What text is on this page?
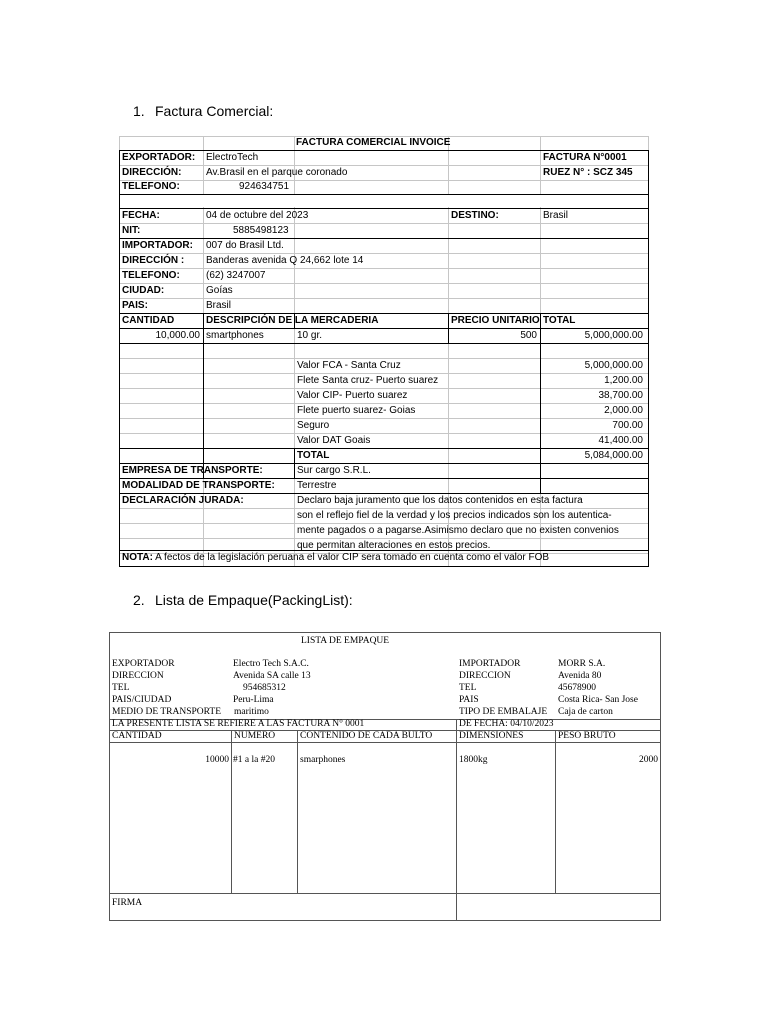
1. Factura Comercial:
FACTURA COMERCIAL INVOICE
EXPORTADOR: ElectroTech	FACTURA N°0001
DIRECCIÓN: Av.Brasil en el parque coronado	RUEZ N° : SCZ 345
TELEFONO:	924634751
FECHA:	04 de octubre del 2023	DESTINO:	Brasil
NIT:	5885498123
IMPORTADOR: 007 do Brasil Ltd.
DIRECCIÓN : Banderas avenida Q 24,662 lote 14
TELEFONO:	(62) 3247007
CIUDAD:	Goías
PAIS:	Brasil
CANTIDAD	DESCRIPCIÓN DE LA MERCADERIA	PRECIO UNITARIO TOTAL
10,000.00 smartphones	10 gr.	500	5,000,000.00
Valor FCA - Santa Cruz	5,000,000.00
Flete Santa cruz- Puerto suarez	1,200.00
Valor CIP- Puerto suarez	38,700.00
Flete puerto suarez- Goias	2,000.00
Seguro	700.00
Valor DAT Goais	41,400.00
TOTAL	5,084,000.00
EMPRESA DE TRANSPORTE:	Sur cargo S.R.L.
MODALIDAD DE TRANSPORTE: Terrestre
DECLARACIÓN JURADA:	Declaro baja juramento que los datos contenidos en esta factura
son el reflejo fiel de la verdad y los precios indicados son los autentica-
mente pagados o a pagarse.Asimismo declaro que no existen convenios
que permitan alteraciones en estos precios.
NOTA: A fectos de la legislación peruana el valor CIP sera tomado en cuenta como el valor FOB
2. Lista de Empaque(PackingList):
LISTA DE EMPAQUE
EXPORTADOR	Electro Tech S.A.C.	IMPORTADOR	MORR S.A.
DIRECCION	Avenida SA calle 13	DIRECCION	Avenida 80
TEL	954685312	TEL	45678900
PAIS/CIUDAD	Peru-Lima	PAIS	Costa Rica- San Jose
MEDIO DE TRANSPORTE maritimo	TIPO DE EMBALAJE Caja de carton
LA PRESENTE LISTA SE REFIERE A LAS FACTURA N° 0001	DE FECHA: 04/10/2023
CANTIDAD	NUMERO	CONTENIDO DE CADA BULTO	DIMENSIONES	PESO BRUTO
10000 #1 a la #20	smarphones	1800kg	2000
FIRMA
